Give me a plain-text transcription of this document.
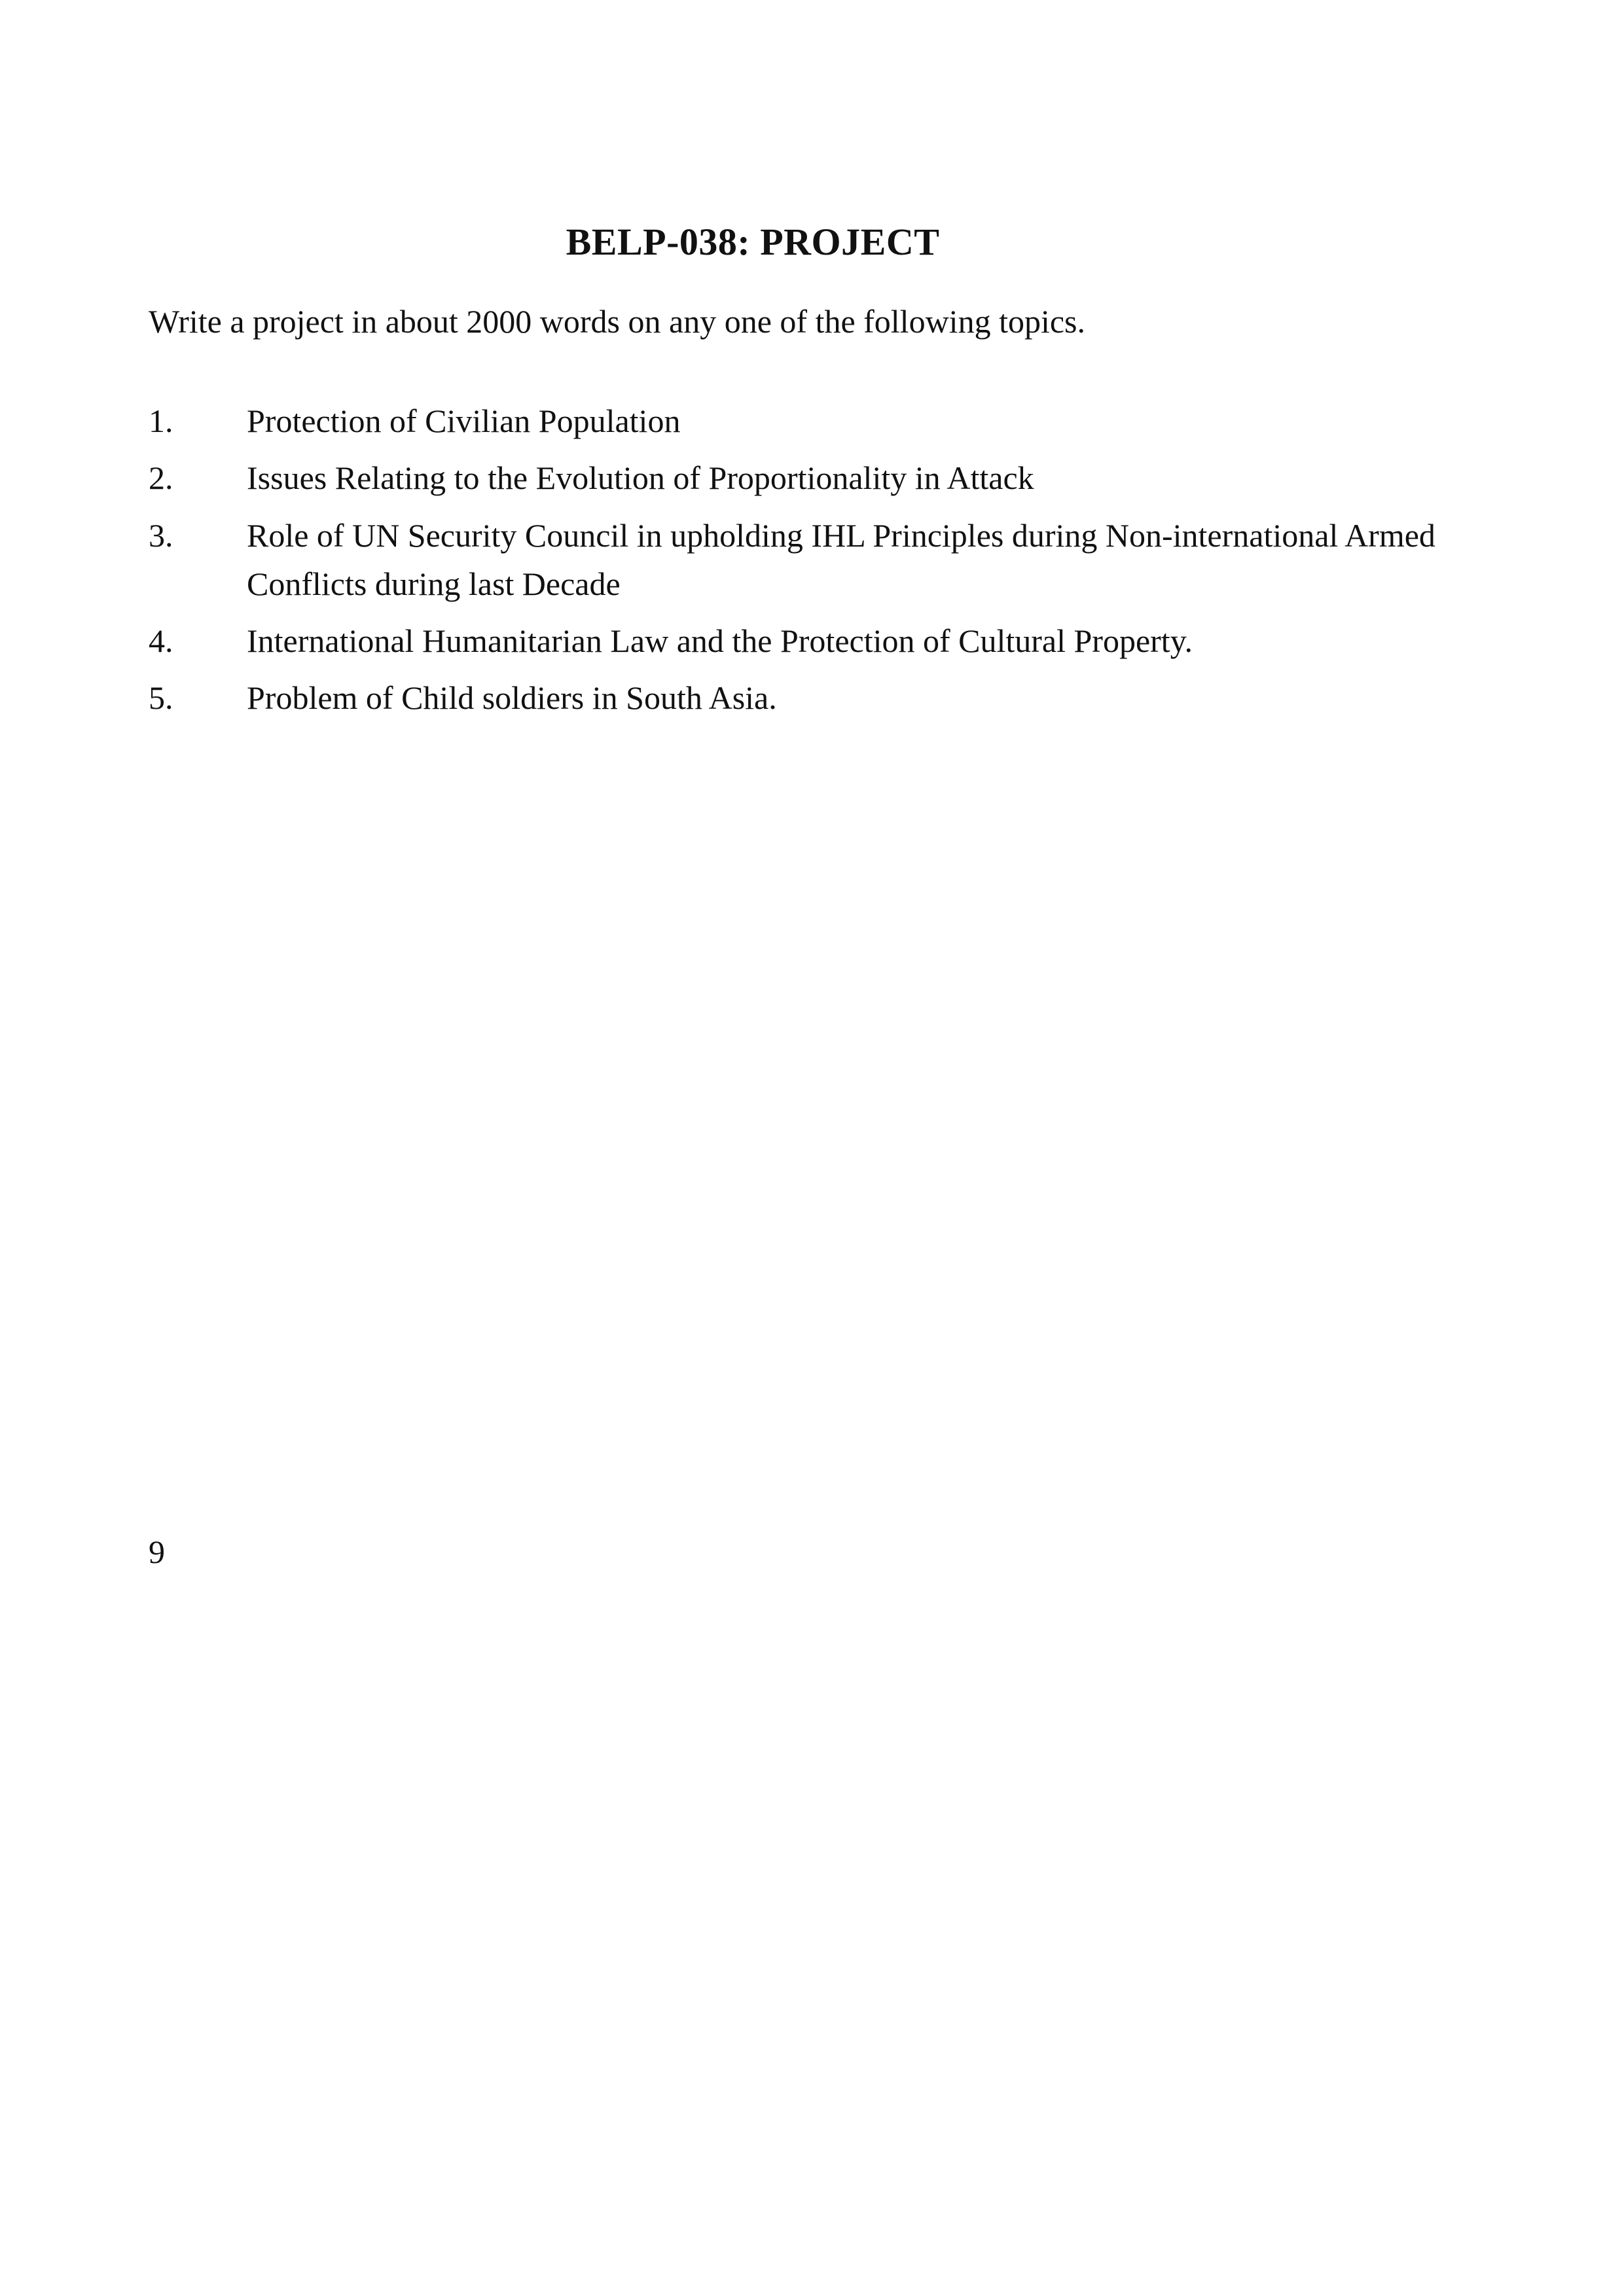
BELP-038: PROJECT
Write a project in about 2000 words on any one of the following topics.
1.	Protection of Civilian Population
2.	Issues Relating to the Evolution of Proportionality in Attack
3.	Role of UN Security Council in upholding IHL Principles during Non-international Armed Conflicts during last Decade
4.	International Humanitarian Law and the Protection of Cultural Property.
5.	Problem of Child soldiers in South Asia.
9
